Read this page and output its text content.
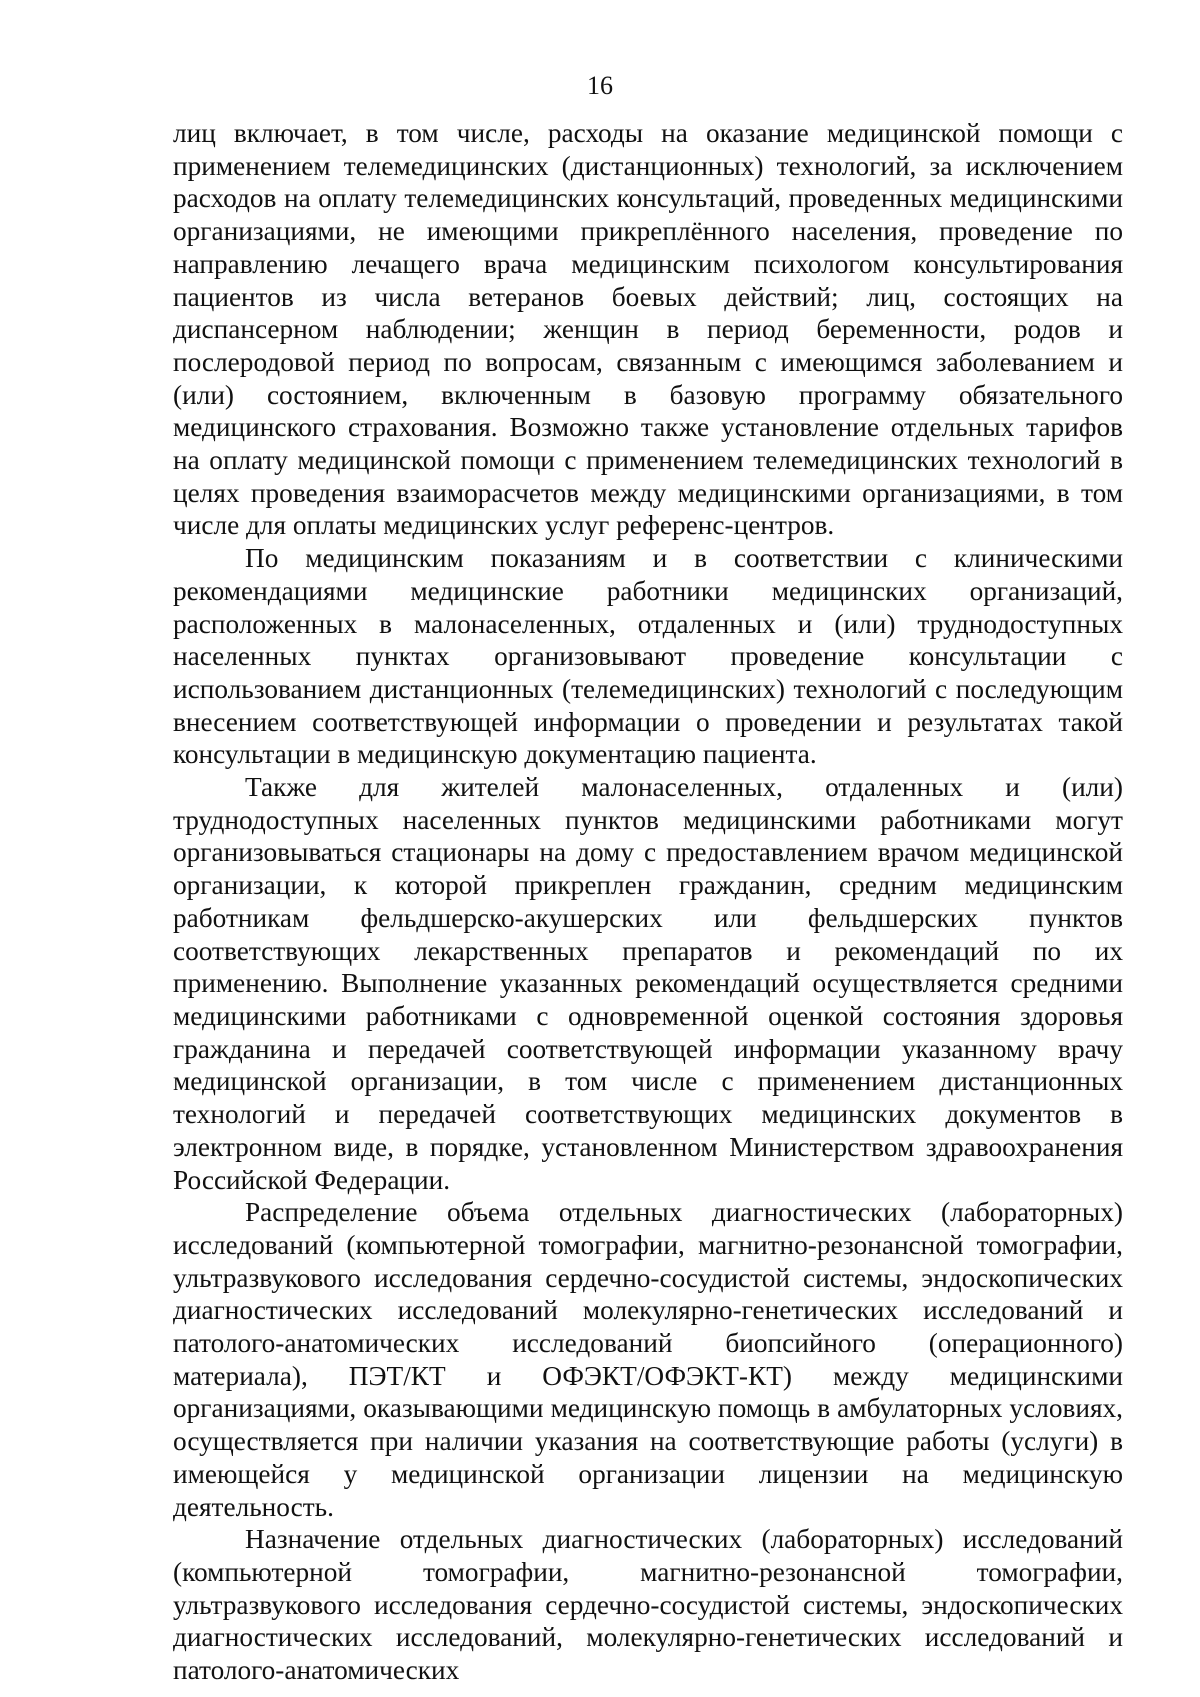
16

лиц включает, в том числе, расходы на оказание медицинской помощи с применением телемедицинских (дистанционных) технологий, за исключением расходов на оплату телемедицинских консультаций, проведенных медицинскими организациями, не имеющими прикреплённого населения, проведение по направлению лечащего врача медицинским психологом консультирования пациентов из числа ветеранов боевых действий; лиц, состоящих на диспансерном наблюдении; женщин в период беременности, родов и послеродовой период по вопросам, связанным с имеющимся заболеванием и (или) состоянием, включенным в базовую программу обязательного медицинского страхования. Возможно также установление отдельных тарифов на оплату медицинской помощи с применением телемедицинских технологий в целях проведения взаиморасчетов между медицинскими организациями, в том числе для оплаты медицинских услуг референс-центров.

По медицинским показаниям и в соответствии с клиническими рекомендациями медицинские работники медицинских организаций, расположенных в малонаселенных, отдаленных и (или) труднодоступных населенных пунктах организовывают проведение консультации с использованием дистанционных (телемедицинских) технологий с последующим внесением соответствующей информации о проведении и результатах такой консультации в медицинскую документацию пациента.

Также для жителей малонаселенных, отдаленных и (или) труднодоступных населенных пунктов медицинскими работниками могут организовываться стационары на дому с предоставлением врачом медицинской организации, к которой прикреплен гражданин, средним медицинским работникам фельдшерско-акушерских или фельдшерских пунктов соответствующих лекарственных препаратов и рекомендаций по их применению. Выполнение указанных рекомендаций осуществляется средними медицинскими работниками с одновременной оценкой состояния здоровья гражданина и передачей соответствующей информации указанному врачу медицинской организации, в том числе с применением дистанционных технологий и передачей соответствующих медицинских документов в электронном виде, в порядке, установленном Министерством здравоохранения Российской Федерации.

Распределение объема отдельных диагностических (лабораторных) исследований (компьютерной томографии, магнитно-резонансной томографии, ультразвукового исследования сердечно-сосудистой системы, эндоскопических диагностических исследований молекулярно-генетических исследований и патолого-анатомических исследований биопсийного (операционного) материала), ПЭТ/КТ и ОФЭКТ/ОФЭКТ-КТ) между медицинскими организациями, оказывающими медицинскую помощь в амбулаторных условиях, осуществляется при наличии указания на соответствующие работы (услуги) в имеющейся у медицинской организации лицензии на медицинскую деятельность.

Назначение отдельных диагностических (лабораторных) исследований (компьютерной томографии, магнитно-резонансной томографии, ультразвукового исследования сердечно-сосудистой системы, эндоскопических диагностических исследований, молекулярно-генетических исследований и патолого-анатомических
